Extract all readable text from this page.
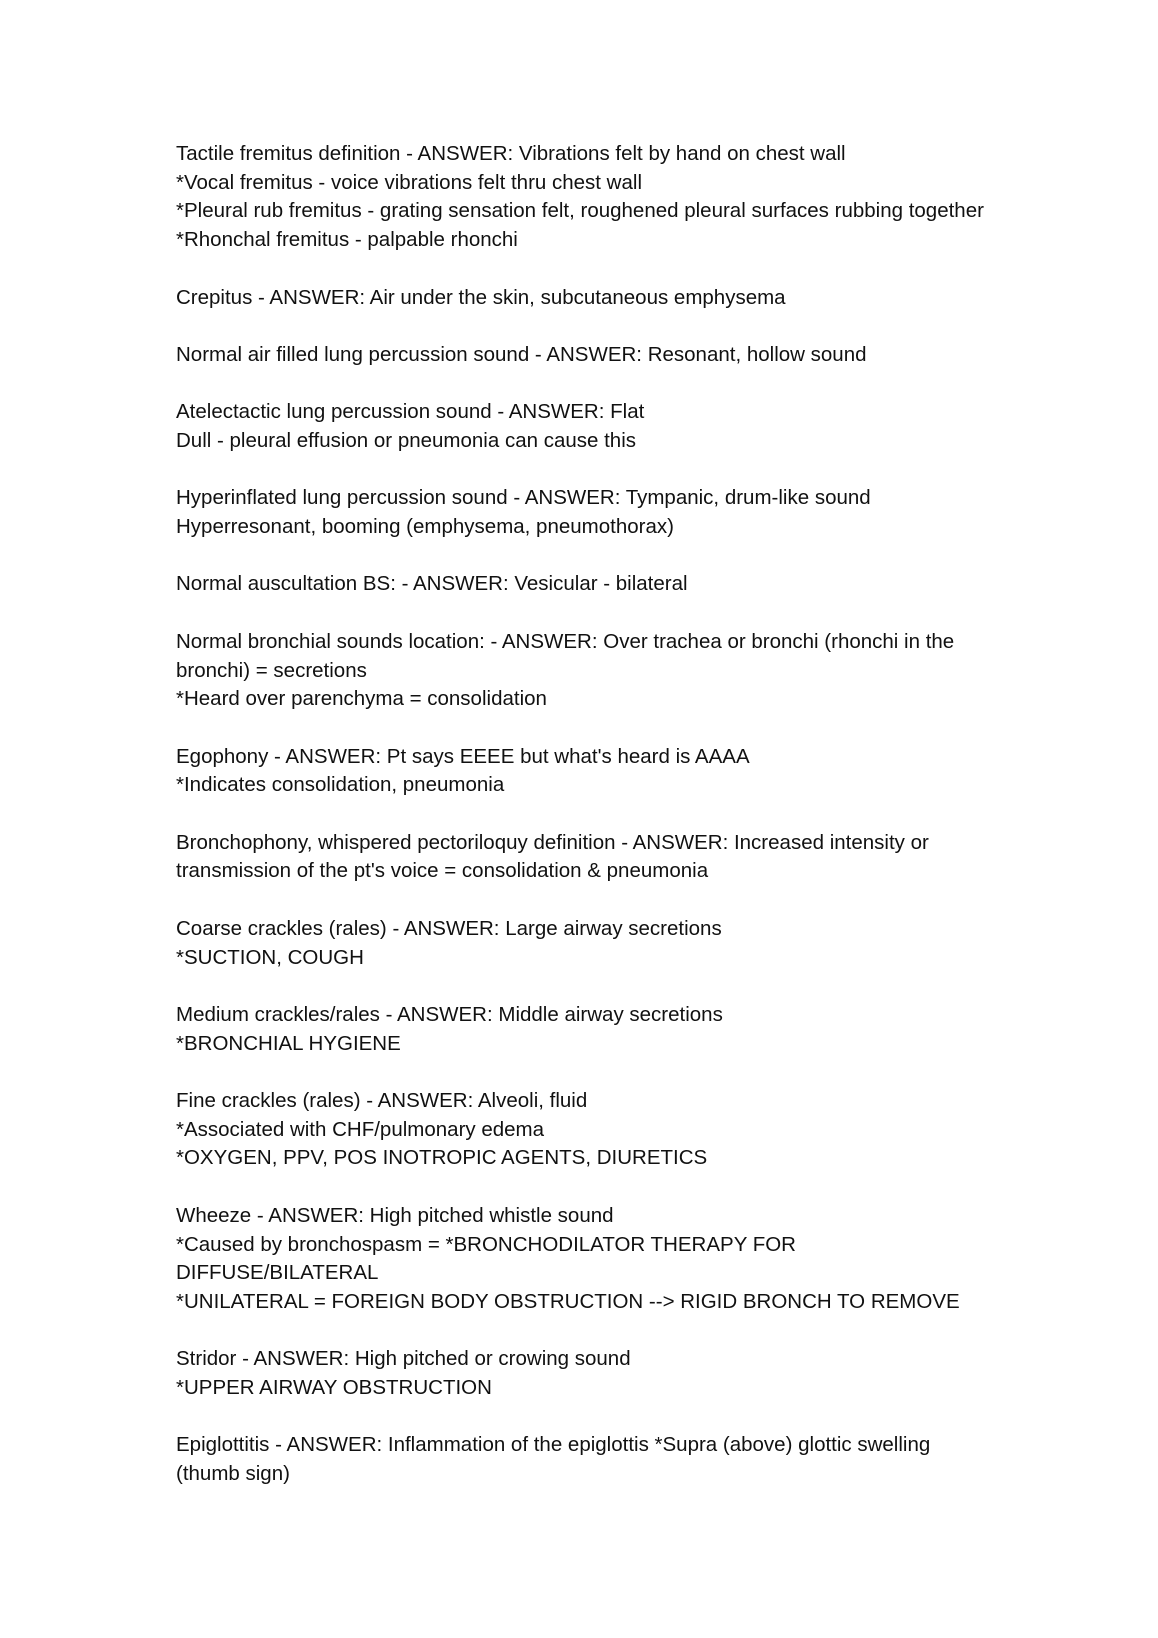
Tactile fremitus definition - ANSWER: Vibrations felt by hand on chest wall
*Vocal fremitus - voice vibrations felt thru chest wall
*Pleural rub fremitus - grating sensation felt, roughened pleural surfaces rubbing together
*Rhonchal fremitus - palpable rhonchi
Crepitus - ANSWER: Air under the skin, subcutaneous emphysema
Normal air filled lung percussion sound - ANSWER: Resonant, hollow sound
Atelectactic lung percussion sound - ANSWER: Flat
Dull - pleural effusion or pneumonia can cause this
Hyperinflated lung percussion sound - ANSWER: Tympanic, drum-like sound
Hyperresonant, booming (emphysema, pneumothorax)
Normal auscultation BS: - ANSWER: Vesicular - bilateral
Normal bronchial sounds location: - ANSWER: Over trachea or bronchi (rhonchi in the bronchi) = secretions
*Heard over parenchyma = consolidation
Egophony - ANSWER: Pt says EEEE but what's heard is AAAA
*Indicates consolidation, pneumonia
Bronchophony, whispered pectoriloquy definition - ANSWER: Increased intensity or transmission of the pt's voice = consolidation & pneumonia
Coarse crackles (rales) - ANSWER: Large airway secretions
*SUCTION, COUGH
Medium crackles/rales - ANSWER: Middle airway secretions
*BRONCHIAL HYGIENE
Fine crackles (rales) - ANSWER: Alveoli, fluid
*Associated with CHF/pulmonary edema
*OXYGEN, PPV, POS INOTROPIC AGENTS, DIURETICS
Wheeze - ANSWER: High pitched whistle sound
*Caused by bronchospasm = *BRONCHODILATOR THERAPY FOR DIFFUSE/BILATERAL
*UNILATERAL = FOREIGN BODY OBSTRUCTION --> RIGID BRONCH TO REMOVE
Stridor - ANSWER: High pitched or crowing sound
*UPPER AIRWAY OBSTRUCTION
Epiglottitis - ANSWER: Inflammation of the epiglottis *Supra (above) glottic swelling (thumb sign)
